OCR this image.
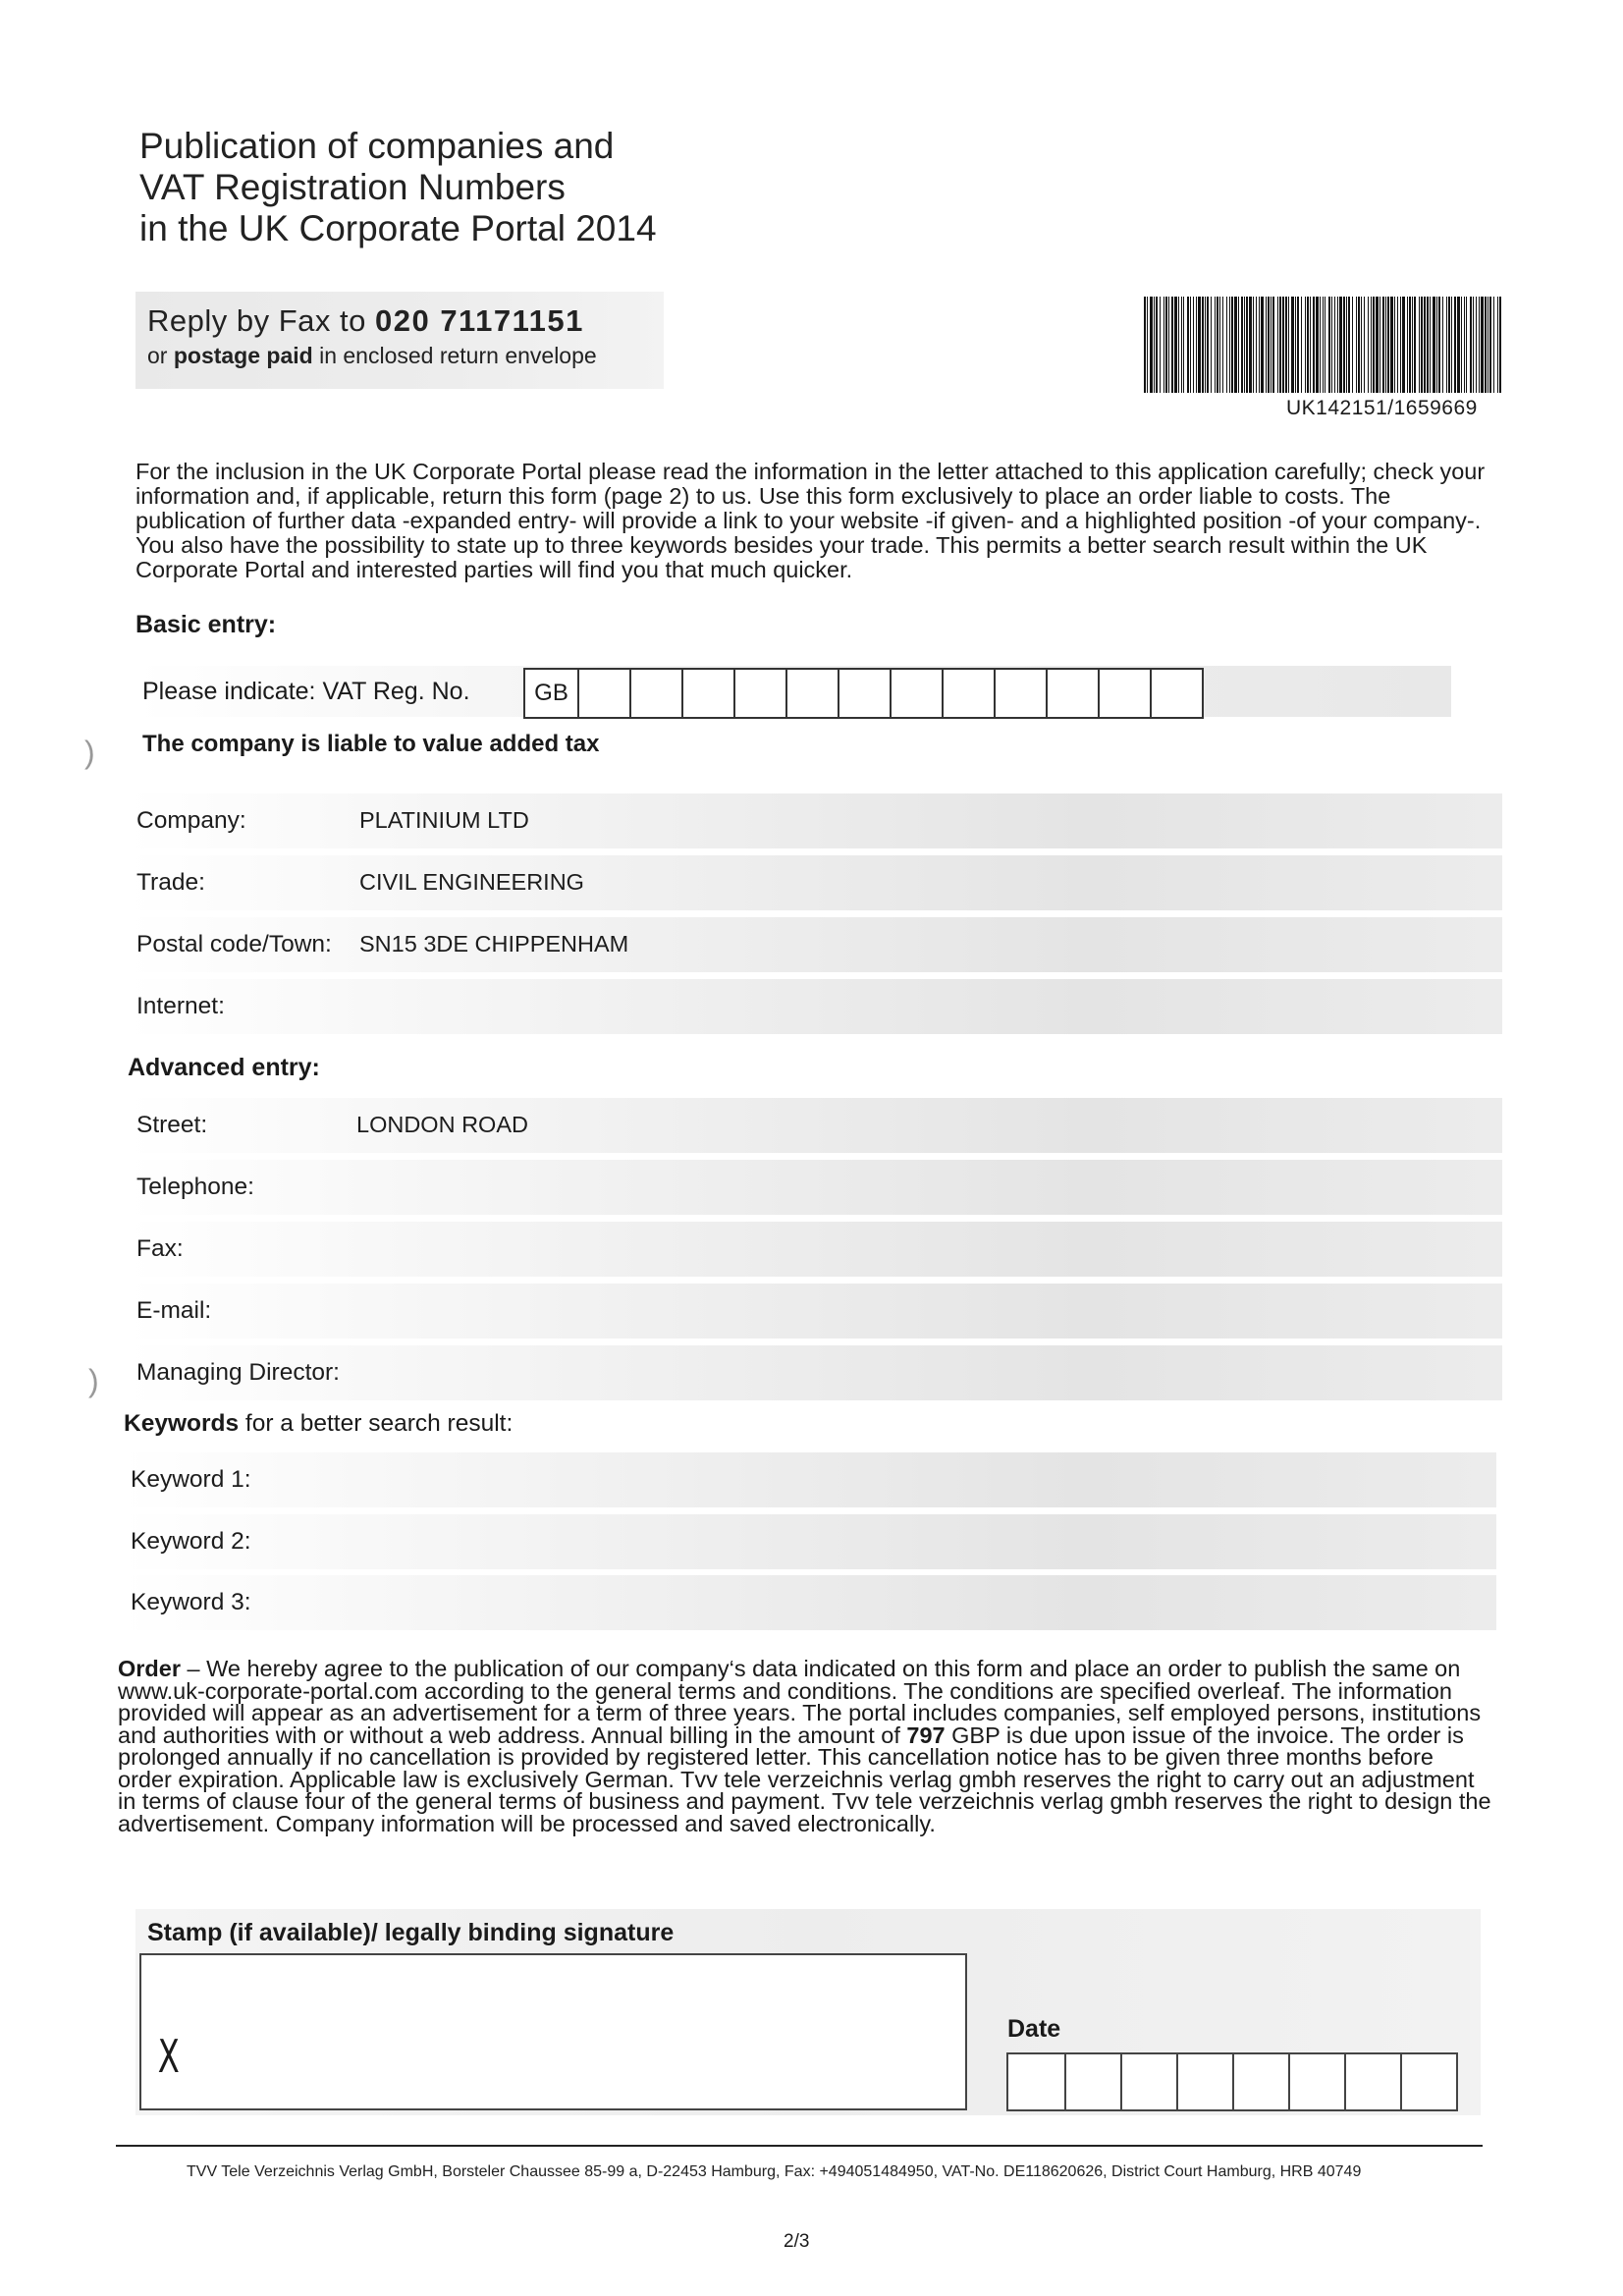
Publication of companies and
VAT Registration Numbers
in the UK Corporate Portal 2014
Reply by Fax to 020 71171151
or postage paid in enclosed return envelope
UK142151/1659669

For the inclusion in the UK Corporate Portal please read the information in the letter attached to this application carefully; check your information and, if applicable, return this form (page 2) to us. Use this form exclusively to place an order liable to costs. The publication of further data -expanded entry- will provide a link to your website -if given- and a highlighted position -of your company-. You also have the possibility to state up to three keywords besides your trade. This permits a better search result within the UK Corporate Portal and interested parties will find you that much quicker.

Basic entry:
Please indicate: VAT Reg. No.	GB
The company is liable to value added tax
Company:	PLATINIUM LTD
Trade:	CIVIL ENGINEERING
Postal code/Town: SN15 3DE CHIPPENHAM
Internet:
Advanced entry:
Street:	LONDON ROAD
Telephone:
Fax:
E-mail:
Managing Director:
Keywords for a better search result:
Keyword 1:
Keyword 2:
Keyword 3:

Order – We hereby agree to the publication of our company‘s data indicated on this form and place an order to publish the same on www.uk-corporate-portal.com according to the general terms and conditions. The conditions are specified overleaf. The information provided will appear as an advertisement for a term of three years. The portal includes companies, self employed persons, institutions and authorities with or without a web address. Annual billing in the amount of 797 GBP is due upon issue of the invoice. The order is prolonged annually if no cancellation is provided by registered letter. This cancellation notice has to be given three months before order expiration. Applicable law is exclusively German. Tvv tele verzeichnis verlag gmbh reserves the right to carry out an adjustment in terms of clause four of the general terms of business and payment. Tvv tele verzeichnis verlag gmbh reserves the right to design the advertisement. Company information will be processed and saved electronically.

Stamp (if available)/ legally binding signature
X
Date
)
)
TVV Tele Verzeichnis Verlag GmbH, Borsteler Chaussee 85-99 a, D-22453 Hamburg, Fax: +494051484950, VAT-No. DE118620626, District Court Hamburg, HRB 40749
2/3
